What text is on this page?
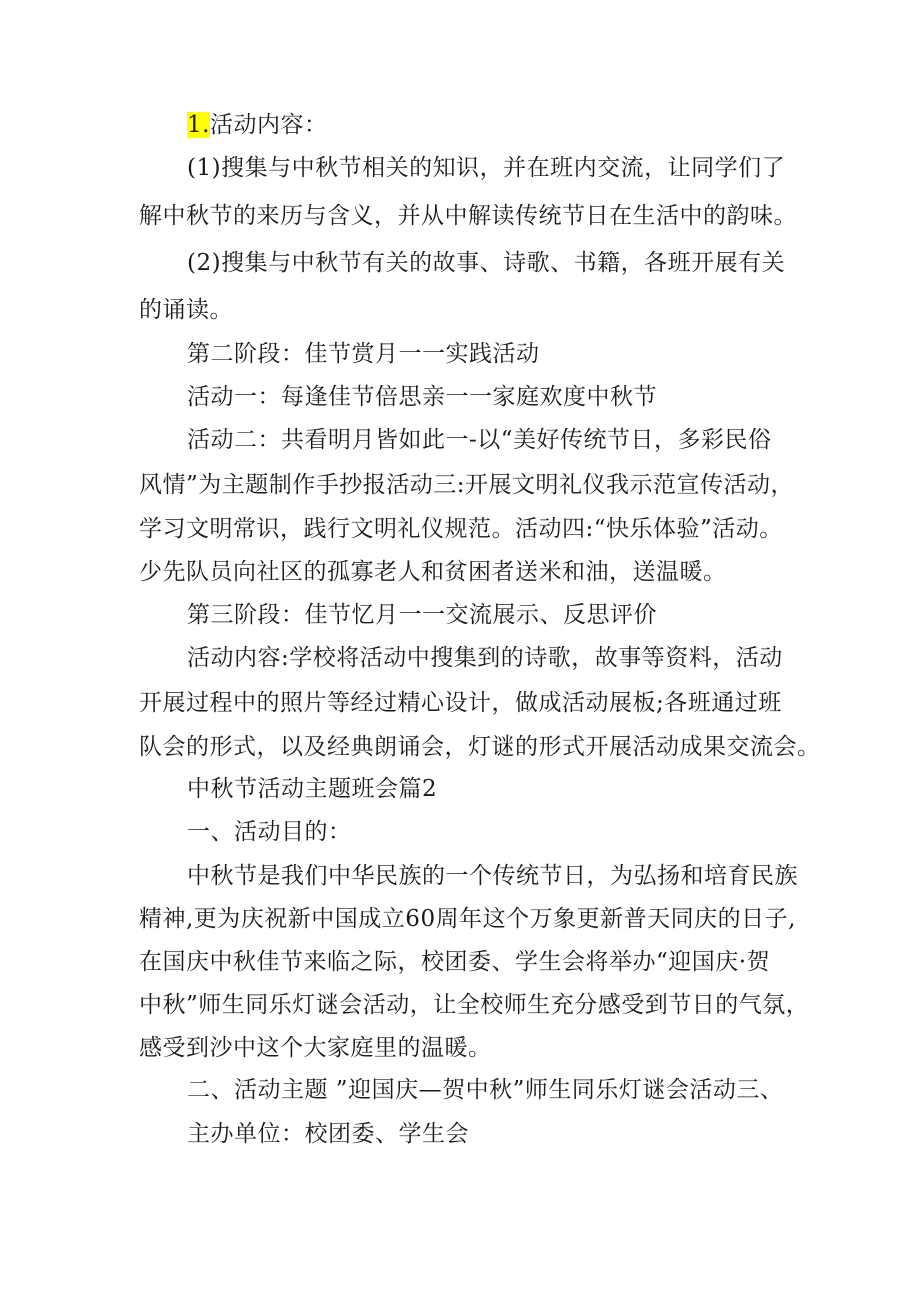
1.活动内容：
(1)搜集与中秋节相关的知识，并在班内交流，让同学们了
解中秋节的来历与含义，并从中解读传统节日在生活中的韵味。
(2)搜集与中秋节有关的故事、诗歌、书籍，各班开展有关
的诵读。
第二阶段：佳节赏月一一实践活动
活动一：每逢佳节倍思亲一一家庭欢度中秋节
活动二：共看明月皆如此一-以“美好传统节日，多彩民俗
风情”为主题制作手抄报活动三:开展文明礼仪我示范宣传活动，
学习文明常识，践行文明礼仪规范。活动四:“快乐体验”活动。
少先队员向社区的孤寡老人和贫困者送米和油，送温暖。
第三阶段：佳节忆月一一交流展示、反思评价
活动内容:学校将活动中搜集到的诗歌，故事等资料，活动
开展过程中的照片等经过精心设计，做成活动展板;各班通过班
队会的形式，以及经典朗诵会，灯谜的形式开展活动成果交流会。
中秋节活动主题班会篇2
一、活动目的：
中秋节是我们中华民族的一个传统节日，为弘扬和培育民族
精神,更为庆祝新中国成立60周年这个万象更新普天同庆的日子,
在国庆中秋佳节来临之际，校团委、学生会将举办“迎国庆·贺
中秋”师生同乐灯谜会活动，让全校师生充分感受到节日的气氛，
感受到沙中这个大家庭里的温暖。
二、活动主题 ”迎国庆—贺中秋”师生同乐灯谜会活动三、
主办单位：校团委、学生会
